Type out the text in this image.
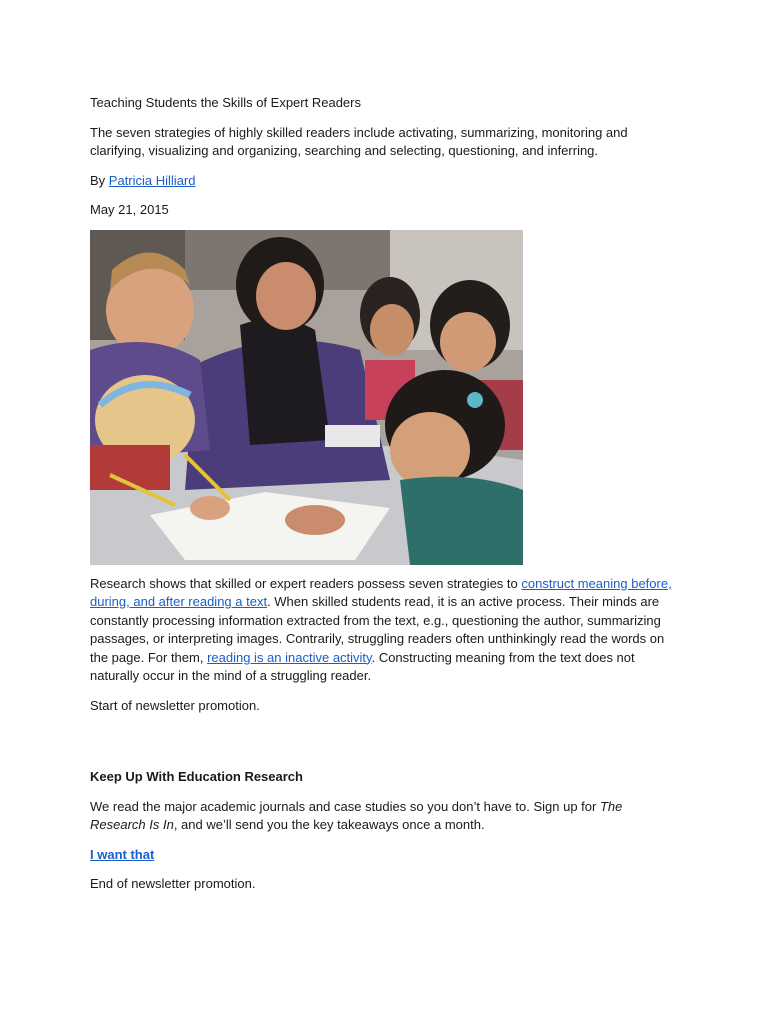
Teaching Students the Skills of Expert Readers

The seven strategies of highly skilled readers include activating, summarizing, monitoring and clarifying, visualizing and organizing, searching and selecting, questioning, and inferring.

By Patricia Hilliard

May 21, 2015

Research shows that skilled or expert readers possess seven strategies to construct meaning before, during, and after reading a text. When skilled students read, it is an active process. Their minds are constantly processing information extracted from the text, e.g., questioning the author, summarizing passages, or interpreting images. Contrarily, struggling readers often unthinkingly read the words on the page. For them, reading is an inactive activity. Constructing meaning from the text does not naturally occur in the mind of a struggling reader.

Start of newsletter promotion.

Keep Up With Education Research

We read the major academic journals and case studies so you don’t have to. Sign up for The Research Is In, and we’ll send you the key takeaways once a month.

I want that

End of newsletter promotion.
